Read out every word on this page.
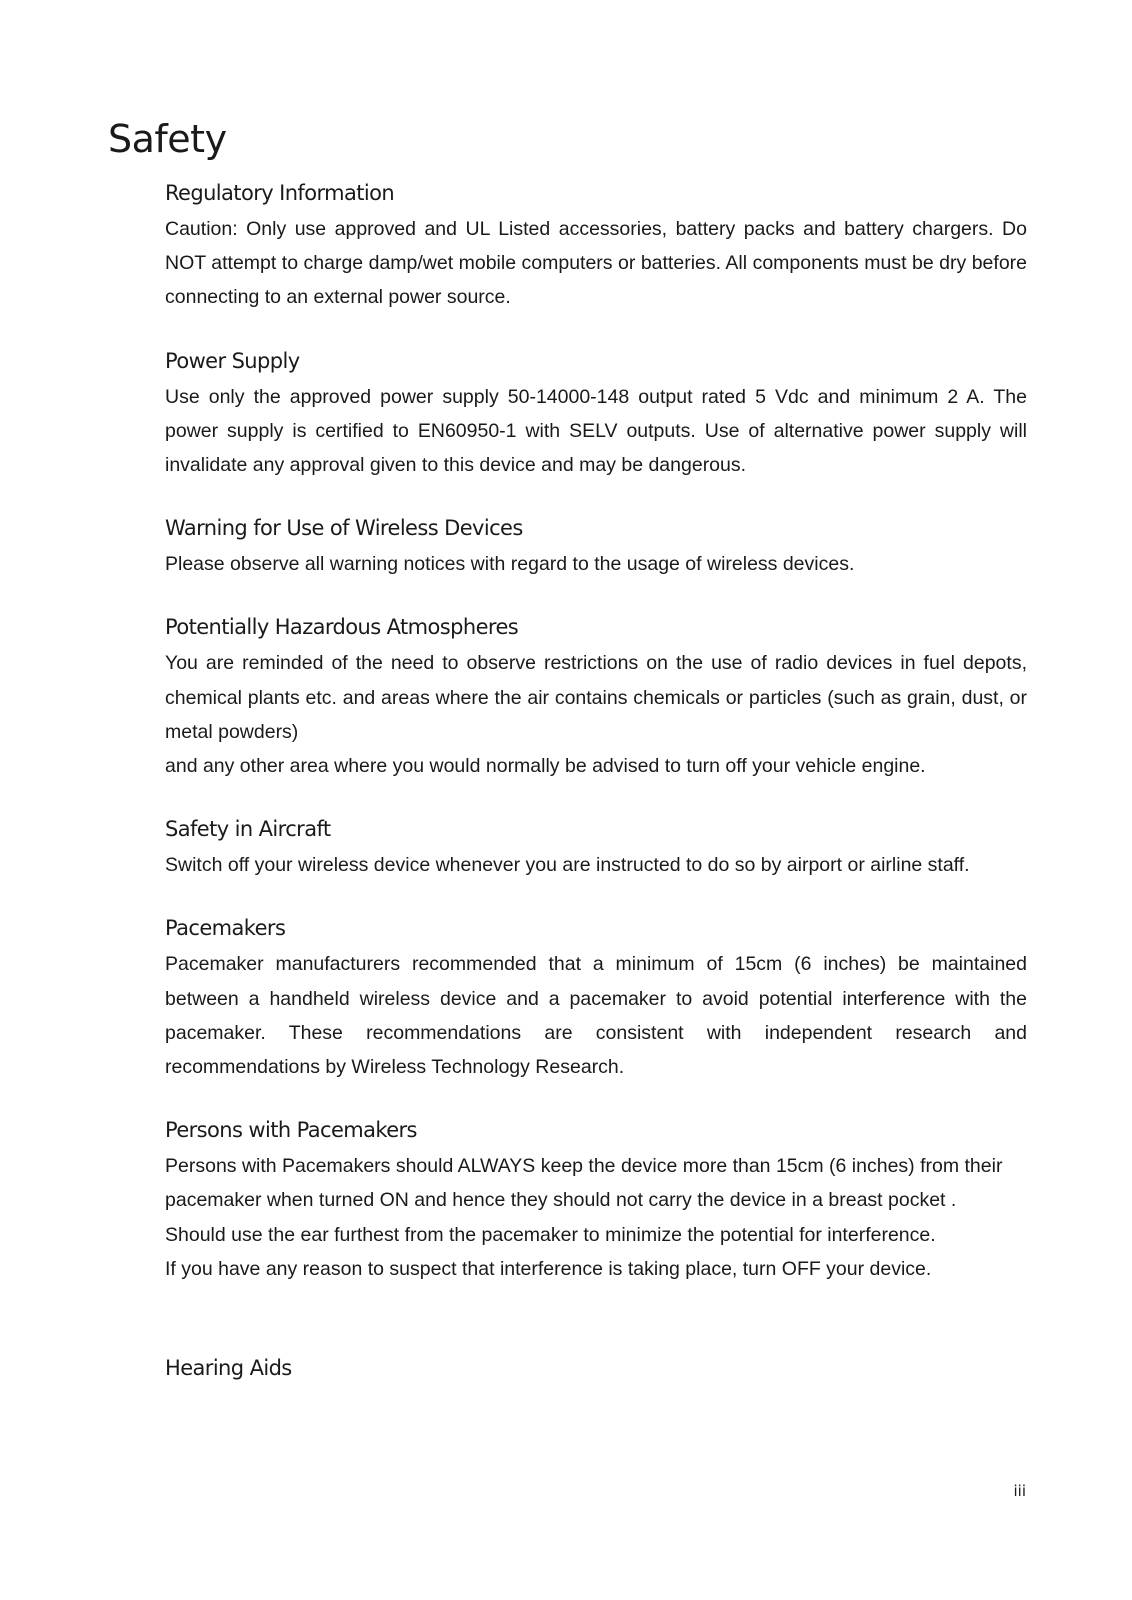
Safety
Regulatory Information

Caution: Only use approved and UL Listed accessories, battery packs and battery chargers. Do NOT attempt to charge damp/wet mobile computers or batteries. All components must be dry before connecting to an external power source.

Power Supply

Use only the approved power supply 50-14000-148 output rated 5 Vdc and minimum 2 A. The power supply is certified to EN60950-1 with SELV outputs. Use of alternative power supply will invalidate any approval given to this device and may be dangerous.

Warning for Use of Wireless Devices

Please observe all warning notices with regard to the usage of wireless devices.

Potentially Hazardous Atmospheres

You are reminded of the need to observe restrictions on the use of radio devices in fuel depots, chemical plants etc. and areas where the air contains chemicals or particles (such as grain, dust, or metal powders)

and any other area where you would normally be advised to turn off your vehicle engine.

Safety in Aircraft

Switch off your wireless device whenever you are instructed to do so by airport or airline staff.

Pacemakers

Pacemaker manufacturers recommended that a minimum of 15cm (6 inches) be maintained between a handheld wireless device and a pacemaker to avoid potential interference with the pacemaker. These recommendations are consistent with independent research and recommendations by Wireless Technology Research.

Persons with Pacemakers

Persons with Pacemakers should ALWAYS keep the device more than 15cm (6 inches) from their pacemaker when turned ON and hence they should not carry the device in a breast pocket .

Should use the ear furthest from the pacemaker to minimize the potential for interference.

If you have any reason to suspect that interference is taking place, turn OFF your device.

Hearing Aids
iii
